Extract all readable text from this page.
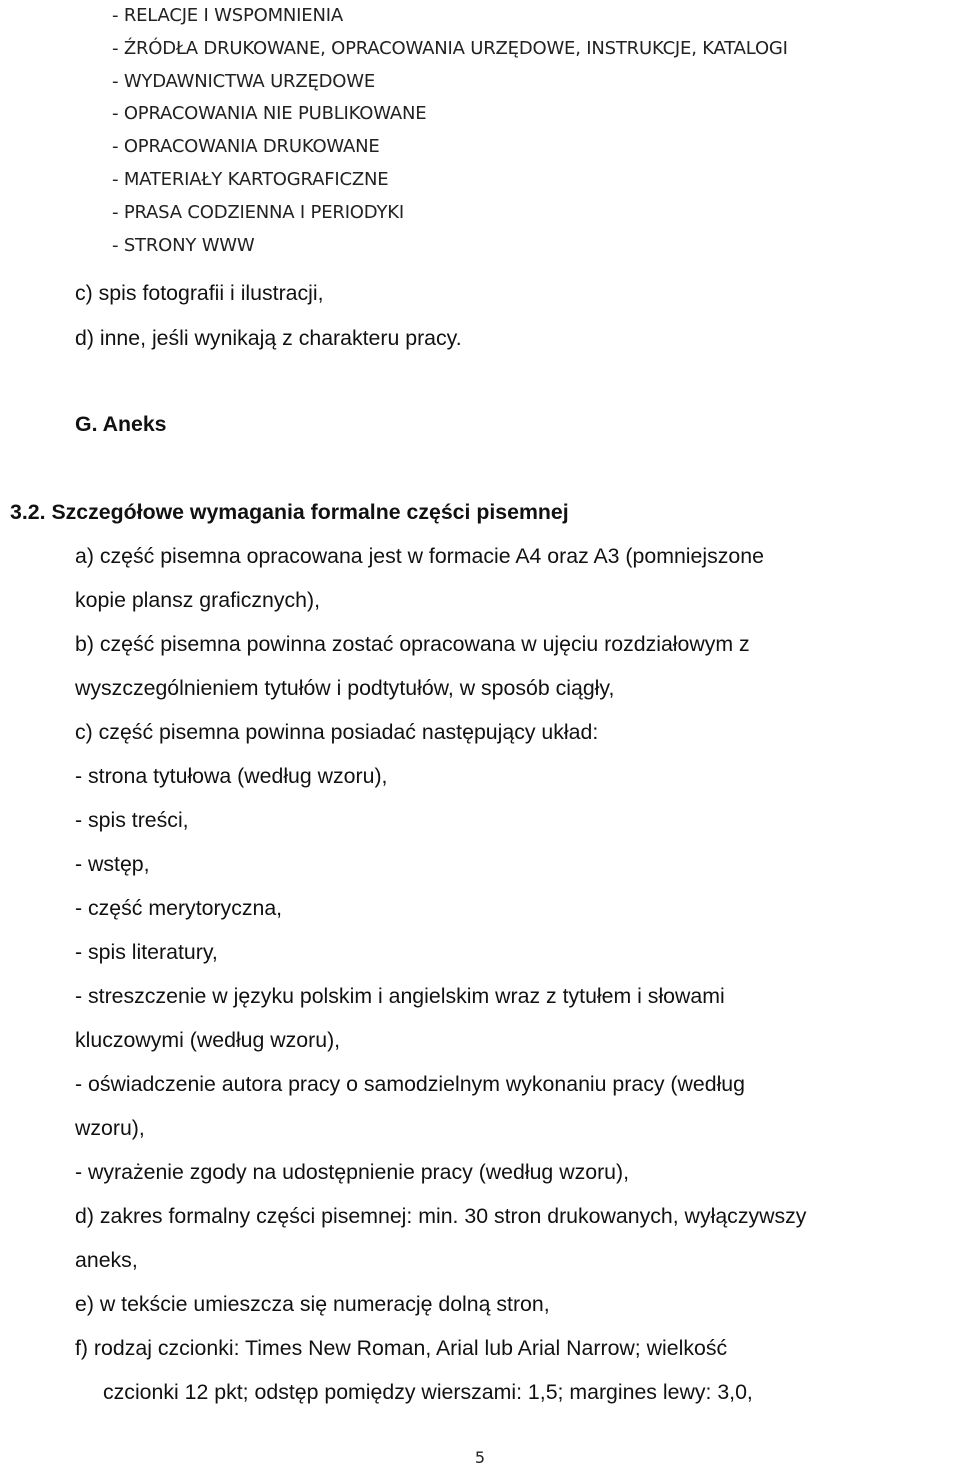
- RELACJE I WSPOMNIENIA
- ŹRÓDŁA DRUKOWANE, OPRACOWANIA URZĘDOWE, INSTRUKCJE, KATALOGI
- WYDAWNICTWA URZĘDOWE
- OPRACOWANIA NIE PUBLIKOWANE
- OPRACOWANIA DRUKOWANE
- MATERIAŁY KARTOGRAFICZNE
- PRASA CODZIENNA I PERIODYKI
- STRONY WWW
c) spis fotografii i ilustracji,
d) inne, jeśli wynikają z charakteru pracy.
G. Aneks
3.2. Szczegółowe wymagania formalne części pisemnej
a) część pisemna opracowana jest w formacie A4 oraz A3 (pomniejszone
kopie plansz graficznych),
b) część pisemna powinna zostać opracowana w ujęciu rozdziałowym z
wyszczególnieniem tytułów i podtytułów, w sposób ciągły,
c) część pisemna powinna posiadać następujący układ:
- strona tytułowa (według wzoru),
- spis treści,
- wstęp,
- część merytoryczna,
- spis literatury,
- streszczenie w języku polskim i angielskim wraz z tytułem i słowami
kluczowymi (według wzoru),
- oświadczenie autora pracy o samodzielnym wykonaniu pracy (według
wzoru),
- wyrażenie zgody na udostępnienie pracy (według wzoru),
d) zakres formalny części pisemnej: min. 30 stron drukowanych, wyłączywszy
aneks,
e) w tekście umieszcza się numerację dolną stron,
f) rodzaj czcionki: Times New Roman, Arial lub Arial Narrow; wielkość
czcionki 12 pkt; odstęp pomiędzy wierszami: 1,5; margines lewy: 3,0,
5
